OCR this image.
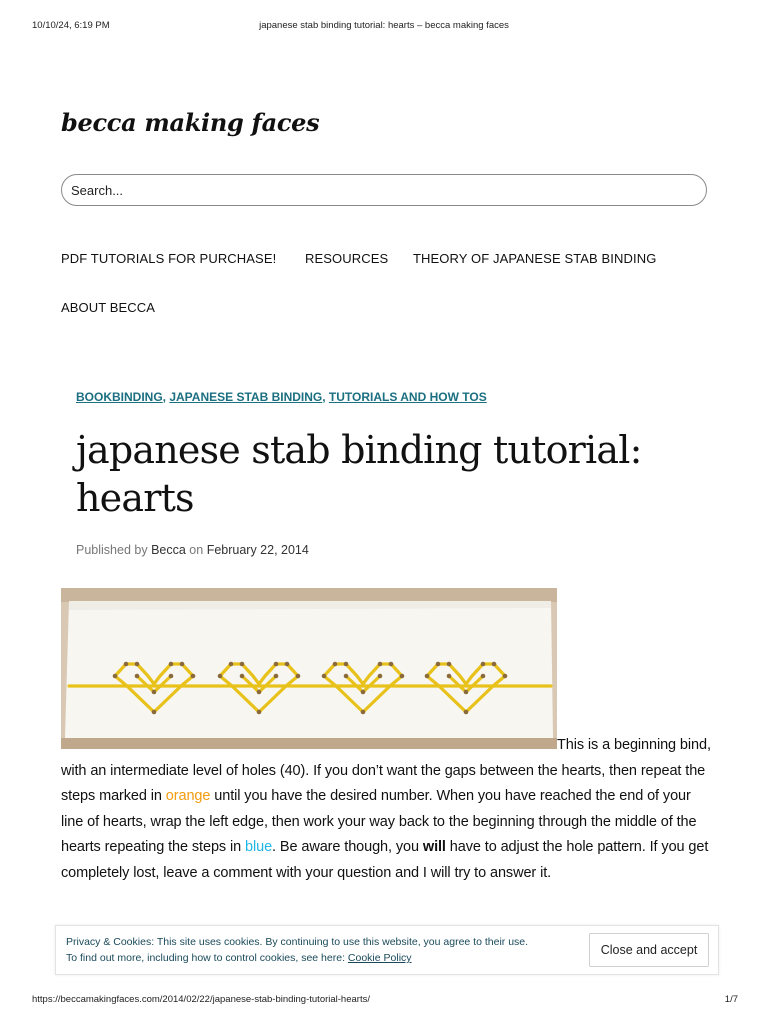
10/10/24, 6:19 PM	japanese stab binding tutorial: hearts – becca making faces
becca making faces
Search...
PDF TUTORIALS FOR PURCHASE! RESOURCES THEORY OF JAPANESE STAB BINDING
ABOUT BECCA
BOOKBINDING, JAPANESE STAB BINDING, TUTORIALS AND HOW TOS
japanese stab binding tutorial: hearts
Published by Becca on February 22, 2014
This is a beginning bind, with an intermediate level of holes (40). If you don’t want the gaps between the hearts, then repeat the steps marked in orange until you have the desired number. When you have reached the end of your line of hearts, wrap the left edge, then work your way back to the beginning through the middle of the hearts repeating the steps in blue. Be aware though, you will have to adjust the hole pattern. If you get completely lost, leave a comment with your question and I will try to answer it.
Privacy & Cookies: This site uses cookies. By continuing to use this website, you agree to their use.
To find out more, including how to control cookies, see here: Cookie Policy
Close and accept
https://beccamakingfaces.com/2014/02/22/japanese-stab-binding-tutorial-hearts/	1/7
